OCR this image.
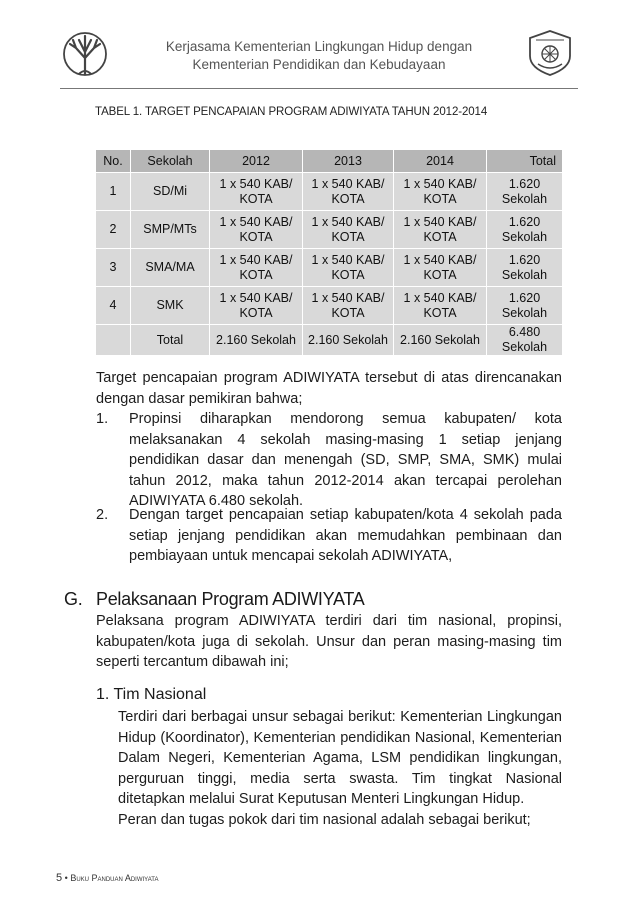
Kerjasama Kementerian Lingkungan Hidup dengan
Kementerian Pendidikan dan Kebudayaan
TABEL 1. TARGET PENCAPAIAN PROGRAM ADIWIYATA TAHUN 2012-2014
No.	Sekolah	2012	2013	2014	Total
1	SD/Mi	1 x 540 KAB/ KOTA	1 x 540 KAB/ KOTA	1 x 540 KAB/ KOTA	1.620 Sekolah
2	SMP/MTs	1 x 540 KAB/ KOTA	1 x 540 KAB/ KOTA	1 x 540 KAB/ KOTA	1.620 Sekolah
3	SMA/MA	1 x 540 KAB/ KOTA	1 x 540 KAB/ KOTA	1 x 540 KAB/ KOTA	1.620 Sekolah
4	SMK	1 x 540 KAB/ KOTA	1 x 540 KAB/ KOTA	1 x 540 KAB/ KOTA	1.620 Sekolah
	Total	2.160 Sekolah	2.160 Sekolah	2.160 Sekolah	6.480 Sekolah
Target pencapaian program ADIWIYATA tersebut di atas direncanakan dengan dasar pemikiran bahwa;
1. Propinsi diharapkan mendorong semua kabupaten/ kota melaksanakan 4 sekolah masing-masing 1 setiap jenjang pendidikan dasar dan menengah (SD, SMP, SMA, SMK) mulai tahun 2012, maka tahun 2012-2014 akan tercapai perolehan ADIWIYATA 6.480 sekolah.
2. Dengan target pencapaian setiap kabupaten/kota 4 sekolah pada setiap jenjang pendidikan akan memudahkan pembinaan dan pembiayaan untuk mencapai sekolah ADIWIYATA,
G. Pelaksanaan Program ADIWIYATA
Pelaksana program ADIWIYATA terdiri dari tim nasional, propinsi, kabupaten/kota juga di sekolah. Unsur dan peran masing-masing tim seperti tercantum dibawah ini;
1. Tim Nasional
Terdiri dari berbagai unsur sebagai berikut: Kementerian Lingkungan Hidup (Koordinator), Kementerian pendidikan Nasional, Kementerian Dalam Negeri, Kementerian Agama, LSM pendidikan lingkungan, perguruan tinggi, media serta swasta. Tim tingkat Nasional ditetapkan melalui Surat Keputusan Menteri Lingkungan Hidup.
Peran dan tugas pokok dari tim nasional adalah sebagai berikut;
5 • Buku Panduan Adiwiyata
